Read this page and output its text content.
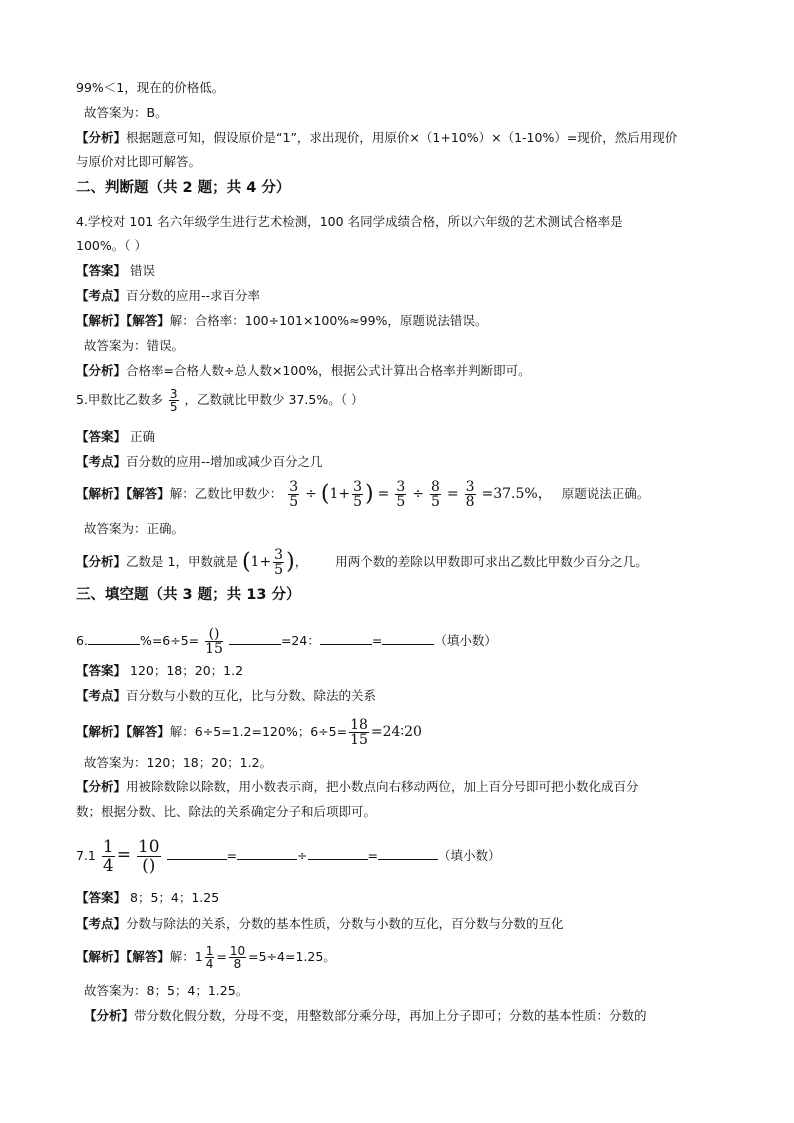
99%＜1，现在的价格低。
故答案为：B。
【分析】根据题意可知，假设原价是“1”，求出现价，用原价×（1+10%）×（1-10%）=现价，然后用现价
与原价对比即可解答。
二、判断题（共 2 题；共 4 分）
4.学校对 101 名六年级学生进行艺术检测，100 名同学成绩合格，所以六年级的艺术测试合格率是
100%。（ ）
【答案】 错误
【考点】百分数的应用--求百分率
【解析】【解答】解：合格率：100÷101×100%≈99%，原题说法错误。
故答案为：错误。
【分析】合格率=合格人数÷总人数×100%，根据公式计算出合格率并判断即可。
5.甲数比乙数多 $\frac{3}{5}$ ，乙数就比甲数少 37.5%。（ ）
【答案】 正确
【考点】百分数的应用--增加或减少百分之几
【解析】【解答】解：乙数比甲数少： $\frac{3}{5} \div (1+ \frac{3}{5}$ ) = $\frac{3}{5} \div \frac{8}{5} = \frac{3}{8} =37.5\%$， 原题说法正确。
故答案为：正确。
【分析】乙数是 1，甲数就是 ($1+ \frac{3}{5}$ )， 用两个数的差除以甲数即可求出乙数比甲数少百分之几。
三、填空题（共 3 题；共 13 分）
6.	$\%=6\div 5= \frac{()}{15}$	=24：	=	（填小数）
【答案】 120；18；20；1.2
【考点】百分数与小数的互化，比与分数、除法的关系
【解析】【解答】解：6÷5=1.2=120%；$6\div 5= \frac{18}{15}$ =24∶20
故答案为：120；18；20；1.2。
【分析】用被除数除以除数，用小数表示商，把小数点向右移动两位，加上百分号即可把小数化成百分
数；根据分数、比、除法的关系确定分子和后项即可。
$7.1 \frac{1}{4} = \frac{10}{()}$	=	÷	=	（填小数）
【答案】 8；5；4；1.25
【考点】分数与除法的关系，分数的基本性质，分数与小数的互化，百分数与分数的互化
【解析】【解答】解：$1 \frac{1}{4} = \frac{10}{8} =5\div 4=1.25$。
故答案为：8；5；4；1.25。
【分析】带分数化假分数，分母不变，用整数部分乘分母，再加上分子即可；分数的基本性质：分数的
